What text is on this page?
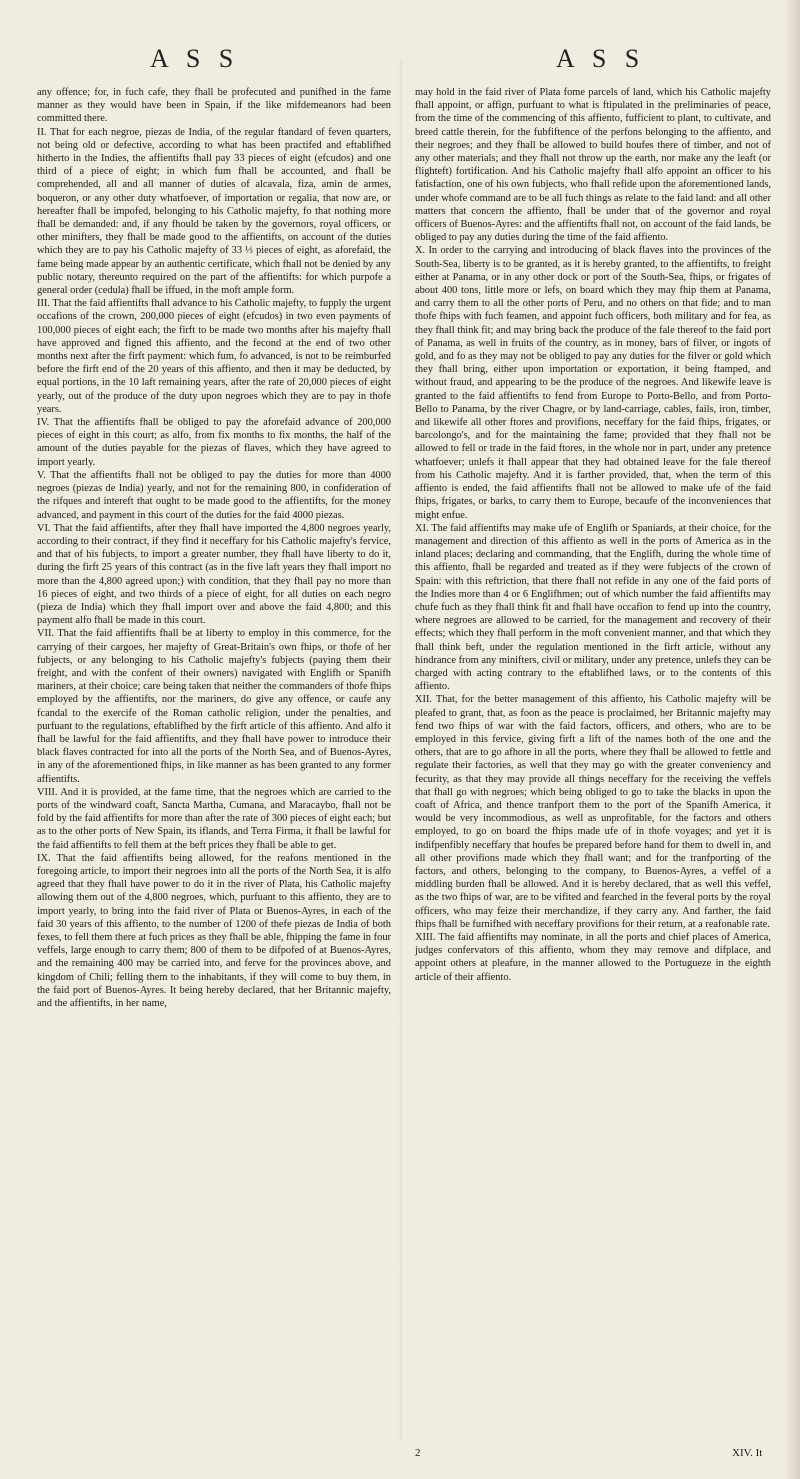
A S S	A S S

any offence; for, in fuch cafe, they fhall be profecuted and punifhed in the fame manner as they would have been in Spain, if the like mifdemeanors had been committed there.

II. That for each negroe, piezas de India, of the regular ftandard of feven quarters, not being old or defective, according to what has been practifed and eftablifhed hitherto in the Indies, the affientifts fhall pay 33 pieces of eight (efcudos) and one third of a piece of eight; in which fum fhall be accounted, and fhall be comprehended, all and all manner of duties of alcavala, fiza, amin de armes, boqueron, or any other duty whatfoever, of importation or regalia, that now are, or hereafter fhall be impofed, belonging to his Catholic majefty, fo that nothing more fhall be demanded: and, if any fhould be taken by the governors, royal officers, or other minifters, they fhall be made good to the affientifts, on account of the duties which they are to pay his Catholic majefty of 33 ⅓ pieces of eight, as aforefaid, the fame being made appear by an authentic certificate, which fhall not be denied by any public notary, thereunto required on the part of the affientifts: for which purpofe a general order (cedula) fhall be iffued, in the moft ample form.

III. That the faid affientifts fhall advance to his Catholic majefty, to fupply the urgent occafions of the crown, 200,000 pieces of eight (efcudos) in two even payments of 100,000 pieces of eight each; the firft to be made two months after his majefty fhall have approved and figned this affiento, and the fecond at the end of two other months next after the firft payment: which fum, fo advanced, is not to be reimburfed before the firft end of the 20 years of this affiento, and then it may be deducted, by equal portions, in the 10 laft remaining years, after the rate of 20,000 pieces of eight yearly, out of the produce of the duty upon negroes which they are to pay in thofe years.

IV. That the affientifts fhall be obliged to pay the aforefaid advance of 200,000 pieces of eight in this court; as alfo, from fix months to fix months, the half of the amount of the duties payable for the piezas of flaves, which they have agreed to import yearly.

V. That the affientifts fhall not be obliged to pay the duties for more than 4000 negroes (piezas de India) yearly, and not for the remaining 800, in confideration of the rifques and intereft that ought to be made good to the affientifts, for the money advanced, and payment in this court of the duties for the faid 4000 piezas.

VI. That the faid affientifts, after they fhall have imported the 4,800 negroes yearly, according to their contract, if they find it neceffary for his Catholic majefty's fervice, and that of his fubjects, to import a greater number, they fhall have liberty to do it, during the firft 25 years of this contract (as in the five laft years they fhall import no more than the 4,800 agreed upon;) with condition, that they fhall pay no more than 16 pieces of eight, and two thirds of a piece of eight, for all duties on each negro (pieza de India) which they fhall import over and above the faid 4,800; and this payment alfo fhall be made in this court.

VII. That the faid affientifts fhall be at liberty to employ in this commerce, for the carrying of their cargoes, her majefty of Great-Britain's own fhips, or thofe of her fubjects, or any belonging to his Catholic majefty's fubjects (paying them their freight, and with the confent of their owners) navigated with Englifh or Spanifh mariners, at their choice; care being taken that neither the commanders of thofe fhips employed by the affientifts, nor the mariners, do give any offence, or caufe any fcandal to the exercife of the Roman catholic religion, under the penalties, and purfuant to the regulations, eftablifhed by the firft article of this affiento. And alfo it fhall be lawful for the faid affientifts, and they fhall have power to introduce their black flaves contracted for into all the ports of the North Sea, and of Buenos-Ayres, in any of the aforementioned fhips, in like manner as has been granted to any former affientifts.

VIII. And it is provided, at the fame time, that the negroes which are carried to the ports of the windward coaft, Sancta Martha, Cumana, and Maracaybo, fhall not be fold by the faid affientifts for more than after the rate of 300 pieces of eight each; but as to the other ports of New Spain, its iflands, and Terra Firma, it fhall be lawful for the faid affientifts to fell them at the beft prices they fhall be able to get.

IX. That the faid affientifts being allowed, for the reafons mentioned in the foregoing article, to import their negroes into all the ports of the North Sea, it is alfo agreed that they fhall have power to do it in the river of Plata, his Catholic majefty allowing them out of the 4,800 negroes, which, purfuant to this affiento, they are to import yearly, to bring into the faid river of Plata or Buenos-Ayres, in each of the faid 30 years of this affiento, to the number of 1200 of thefe piezas de India of both fexes, to fell them there at fuch prices as they fhall be able, fhipping the fame in four veffels, large enough to carry them; 800 of them to be difpofed of at Buenos-Ayres, and the remaining 400 may be carried into, and ferve for the provinces above, and kingdom of Chili; felling them to the inhabitants, if they will come to buy them, in the faid port of Buenos-Ayres. It being hereby declared, that her Britannic majefty, and the affientifts, in her name,

may hold in the faid river of Plata fome parcels of land, which his Catholic majefty fhall appoint, or affign, purfuant to what is ftipulated in the preliminaries of peace, from the time of the commencing of this affiento, fufficient to plant, to cultivate, and breed cattle therein, for the fubfiftence of the perfons belonging to the affiento, and their negroes; and they fhall be allowed to build houfes there of timber, and not of any other materials; and they fhall not throw up the earth, nor make any the leaft (or flighteft) fortification. And his Catholic majefty fhall alfo appoint an officer to his fatisfaction, one of his own fubjects, who fhall refide upon the aforementioned lands, under whofe command are to be all fuch things as relate to the faid land: and all other matters that concern the affiento, fhall be under that of the governor and royal officers of Buenos-Ayres: and the affientifts fhall not, on account of the faid lands, be obliged to pay any duties during the time of the faid affiento.

X. In order to the carrying and introducing of black flaves into the provinces of the South-Sea, liberty is to be granted, as it is hereby granted, to the affientifts, to freight either at Panama, or in any other dock or port of the South-Sea, fhips, or frigates of about 400 tons, little more or lefs, on board which they may fhip them at Panama, and carry them to all the other ports of Peru, and no others on that fide; and to man thofe fhips with fuch feamen, and appoint fuch officers, both military and for fea, as they fhall think fit; and may bring back the produce of the fale thereof to the faid port of Panama, as well in fruits of the country, as in money, bars of filver, or ingots of gold, and fo as they may not be obliged to pay any duties for the filver or gold which they fhall bring, either upon importation or exportation, it being ftamped, and without fraud, and appearing to be the produce of the negroes. And likewife leave is granted to the faid affientifts to fend from Europe to Porto-Bello, and from Porto-Bello to Panama, by the river Chagre, or by land-carriage, cables, fails, iron, timber, and likewife all other ftores and provifions, neceffary for the faid fhips, frigates, or barcolongo's, and for the maintaining the fame; provided that they fhall not be allowed to fell or trade in the faid ftores, in the whole nor in part, under any pretence whatfoever; unlefs it fhall appear that they had obtained leave for the fale thereof from his Catholic majefty. And it is farther provided, that, when the term of this affiento is ended, the faid affientifts fhall not be allowed to make ufe of the faid fhips, frigates, or barks, to carry them to Europe, becaufe of the inconveniences that might enfue.

XI. The faid affientifts may make ufe of Englifh or Spaniards, at their choice, for the management and direction of this affiento as well in the ports of America as in the inland places; declaring and commanding, that the Englifh, during the whole time of this affiento, fhall be regarded and treated as if they were fubjects of the crown of Spain: with this reftriction, that there fhall not refide in any one of the faid ports of the Indies more than 4 or 6 Englifhmen; out of which number the faid affientifts may chufe fuch as they fhall think fit and fhall have occafion to fend up into the country, where negroes are allowed to be carried, for the management and recovery of their effects; which they fhall perform in the moft convenient manner, and that which they fhall think beft, under the regulation mentioned in the firft article, without any hindrance from any minifters, civil or military, under any pretence, unlefs they can be charged with acting contrary to the eftablifhed laws, or to the contents of this affiento.

XII. That, for the better management of this affiento, his Catholic majefty will be pleafed to grant, that, as foon as the peace is proclaimed, her Britannic majefty may fend two fhips of war with the faid factors, officers, and others, who are to be employed in this fervice, giving firft a lift of the names both of the one and the others, that are to go afhore in all the ports, where they fhall be allowed to fettle and regulate their factories, as well that they may go with the greater conveniency and fecurity, as that they may provide all things neceffary for the receiving the veffels that fhall go with negroes; which being obliged to go to take the blacks in upon the coaft of Africa, and thence tranfport them to the port of the Spanifh America, it would be very incommodious, as well as unprofitable, for the factors and others employed, to go on board the fhips made ufe of in thofe voyages; and yet it is indifpenfibly neceffary that houfes be prepared before hand for them to dwell in, and all other provifions made which they fhall want; and for the tranfporting of the factors, and others, belonging to the company, to Buenos-Ayres, a veffel of a middling burden fhall be allowed. And it is hereby declared, that as well this veffel, as the two fhips of war, are to be vifited and fearched in the feveral ports by the royal officers, who may feize their merchandize, if they carry any. And farther, the faid fhips fhall be furnifhed with neceffary provifions for their return, at a reafonable rate.

XIII. The faid affientifts may nominate, in all the ports and chief places of America, judges confervators of this affiento, whom they may remove and difplace, and appoint others at pleafure, in the manner allowed to the Portugueze in the eighth article of their affiento.

2	XIV. It
